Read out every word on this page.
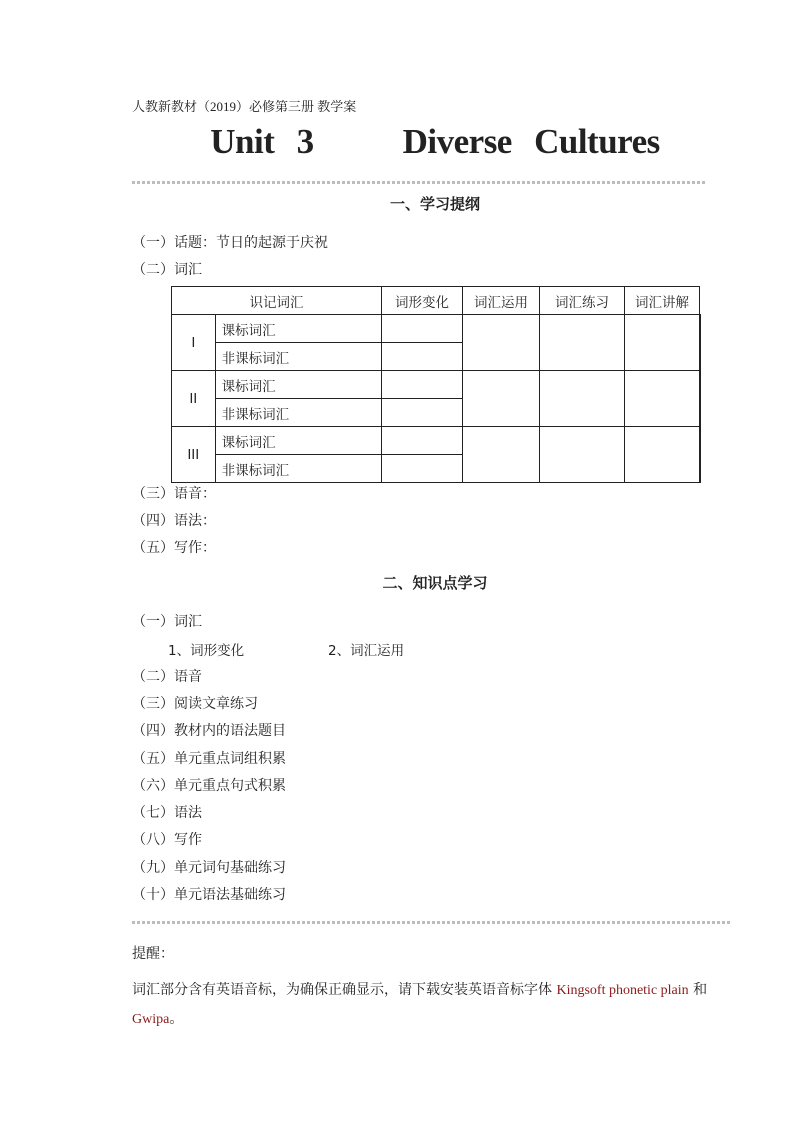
人教新教材（2019）必修第三册 教学案
Unit 3    Diverse Cultures
一、学习提纲
（一）话题：节日的起源于庆祝
（二）词汇
识记词汇		词形变化	词汇运用	词汇练习	词汇讲解	
I	课标词汇					
	非课标词汇					
II	课标词汇					
	非课标词汇					
III	课标词汇					
	非课标词汇					
（三）语音：
（四）语法：
（五）写作：
二、知识点学习
（一）词汇
1、词形变化	2、词汇运用
（二）语音
（三）阅读文章练习
（四）教材内的语法题目
（五）单元重点词组积累
（六）单元重点句式积累
（七）语法
（八）写作
（九）单元词句基础练习
（十）单元语法基础练习
提醒：
词汇部分含有英语音标，为确保正确显示，请下载安装英语音标字体 Kingsoft phonetic plain 和
Gwipa。
